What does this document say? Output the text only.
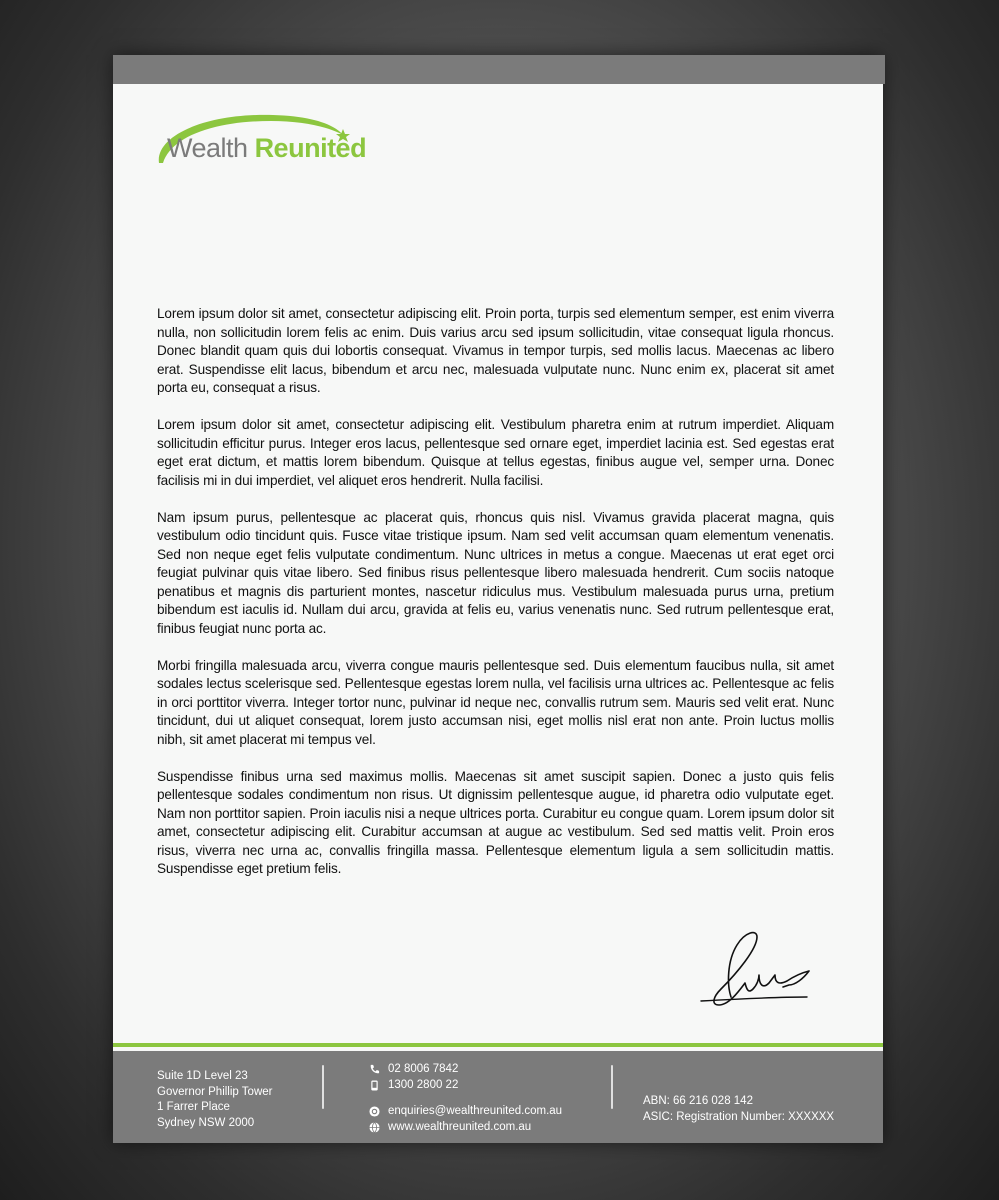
Wealth Reunited

Lorem ipsum dolor sit amet, consectetur adipiscing elit. Proin porta, turpis sed elementum semper, est enim viverra nulla, non sollicitudin lorem felis ac enim. Duis varius arcu sed ipsum sollicitudin, vitae consequat ligula rhoncus. Donec blandit quam quis dui lobortis consequat. Vivamus in tempor turpis, sed mollis lacus. Maecenas ac libero erat. Suspendisse elit lacus, bibendum et arcu nec, malesuada vulputate nunc. Nunc enim ex, placerat sit amet porta eu, consequat a risus.

Lorem ipsum dolor sit amet, consectetur adipiscing elit. Vestibulum pharetra enim at rutrum imperdiet. Aliquam sollicitudin efficitur purus. Integer eros lacus, pellentesque sed ornare eget, imperdiet lacinia est. Sed egestas erat eget erat dictum, et mattis lorem bibendum. Quisque at tellus egestas, finibus augue vel, semper urna. Donec facilisis mi in dui imperdiet, vel aliquet eros hendrerit. Nulla facilisi.

Nam ipsum purus, pellentesque ac placerat quis, rhoncus quis nisl. Vivamus gravida placerat magna, quis vestibulum odio tincidunt quis. Fusce vitae tristique ipsum. Nam sed velit accumsan quam elementum venenatis. Sed non neque eget felis vulputate condimentum. Nunc ultrices in metus a congue. Maecenas ut erat eget orci feugiat pulvinar quis vitae libero. Sed finibus risus pellentesque libero malesuada hendrerit. Cum sociis natoque penatibus et magnis dis parturient montes, nascetur ridiculus mus. Vestibulum malesuada purus urna, pretium bibendum est iaculis id. Nullam dui arcu, gravida at felis eu, varius venenatis nunc. Sed rutrum pellentesque erat, finibus feugiat nunc porta ac.

Morbi fringilla malesuada arcu, viverra congue mauris pellentesque sed. Duis elementum faucibus nulla, sit amet sodales lectus scelerisque sed. Pellentesque egestas lorem nulla, vel facilisis urna ultrices ac. Pellentesque ac felis in orci porttitor viverra. Integer tortor nunc, pulvinar id neque nec, convallis rutrum sem. Mauris sed velit erat. Nunc tincidunt, dui ut aliquet consequat, lorem justo accumsan nisi, eget mollis nisl erat non ante. Proin luctus mollis nibh, sit amet placerat mi tempus vel.

Suspendisse finibus urna sed maximus mollis. Maecenas sit amet suscipit sapien. Donec a justo quis felis pellentesque sodales condimentum non risus. Ut dignissim pellentesque augue, id pharetra odio vulputate eget. Nam non porttitor sapien. Proin iaculis nisi a neque ultrices porta. Curabitur eu congue quam. Lorem ipsum dolor sit amet, consectetur adipiscing elit. Curabitur accumsan at augue ac vestibulum. Sed sed mattis velit. Proin eros risus, viverra nec urna ac, convallis fringilla massa. Pellentesque elementum ligula a sem sollicitudin mattis. Suspendisse eget pretium felis.

Suite 1D Level 23
Governor Phillip Tower
1 Farrer Place
Sydney NSW 2000
02 8006 7842
1300 2800 22
enquiries@wealthreunited.com.au
www.wealthreunited.com.au
ABN: 66 216 028 142
ASIC: Registration Number: XXXXXX
